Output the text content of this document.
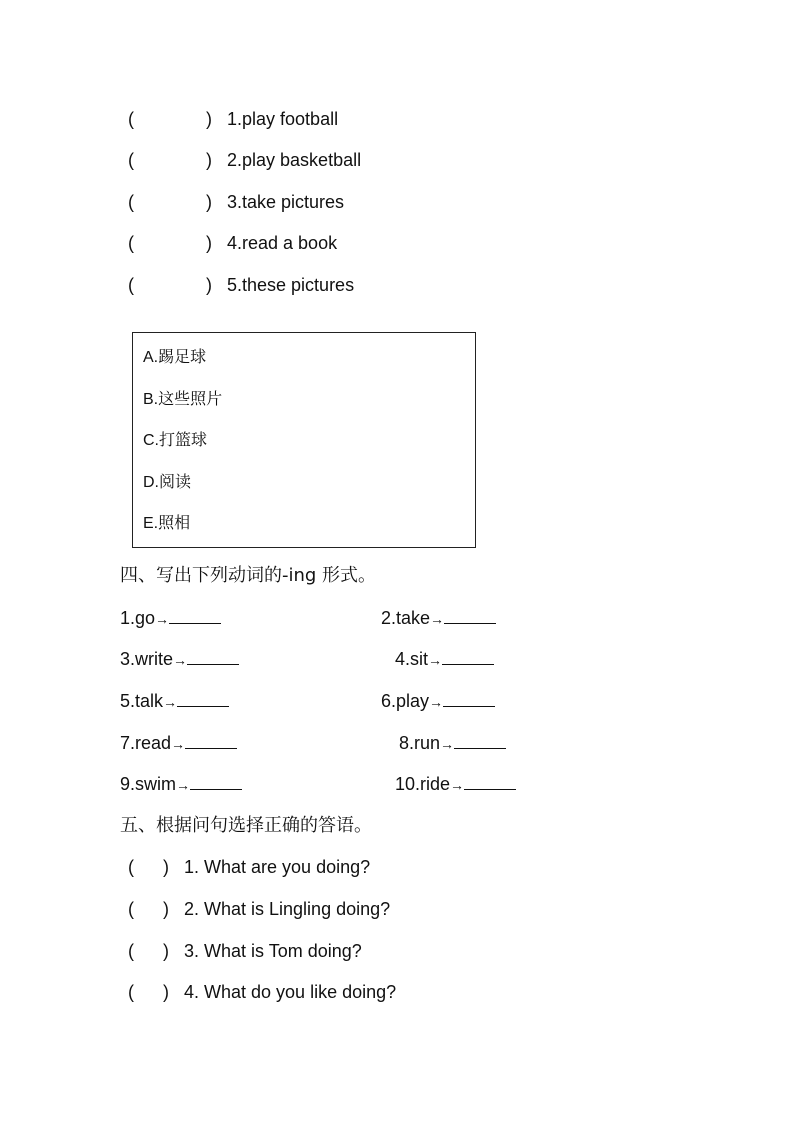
(	) 1.play football
(	) 2.play basketball
(	) 3.take pictures
(	) 4.read a book
(	) 5.these pictures
A.踢足球
B.这些照片
C.打篮球
D.阅读
E.照相
四、写出下列动词的-ing 形式。
1.go→	2.take→
3.write→	4.sit→
5.talk→	6.play→
7.read→	8.run→
9.swim→	10.ride→
五、根据问句选择正确的答语。
( ) 1. What are you doing?
( ) 2. What is Lingling doing?
( ) 3. What is Tom doing?
( ) 4. What do you like doing?
